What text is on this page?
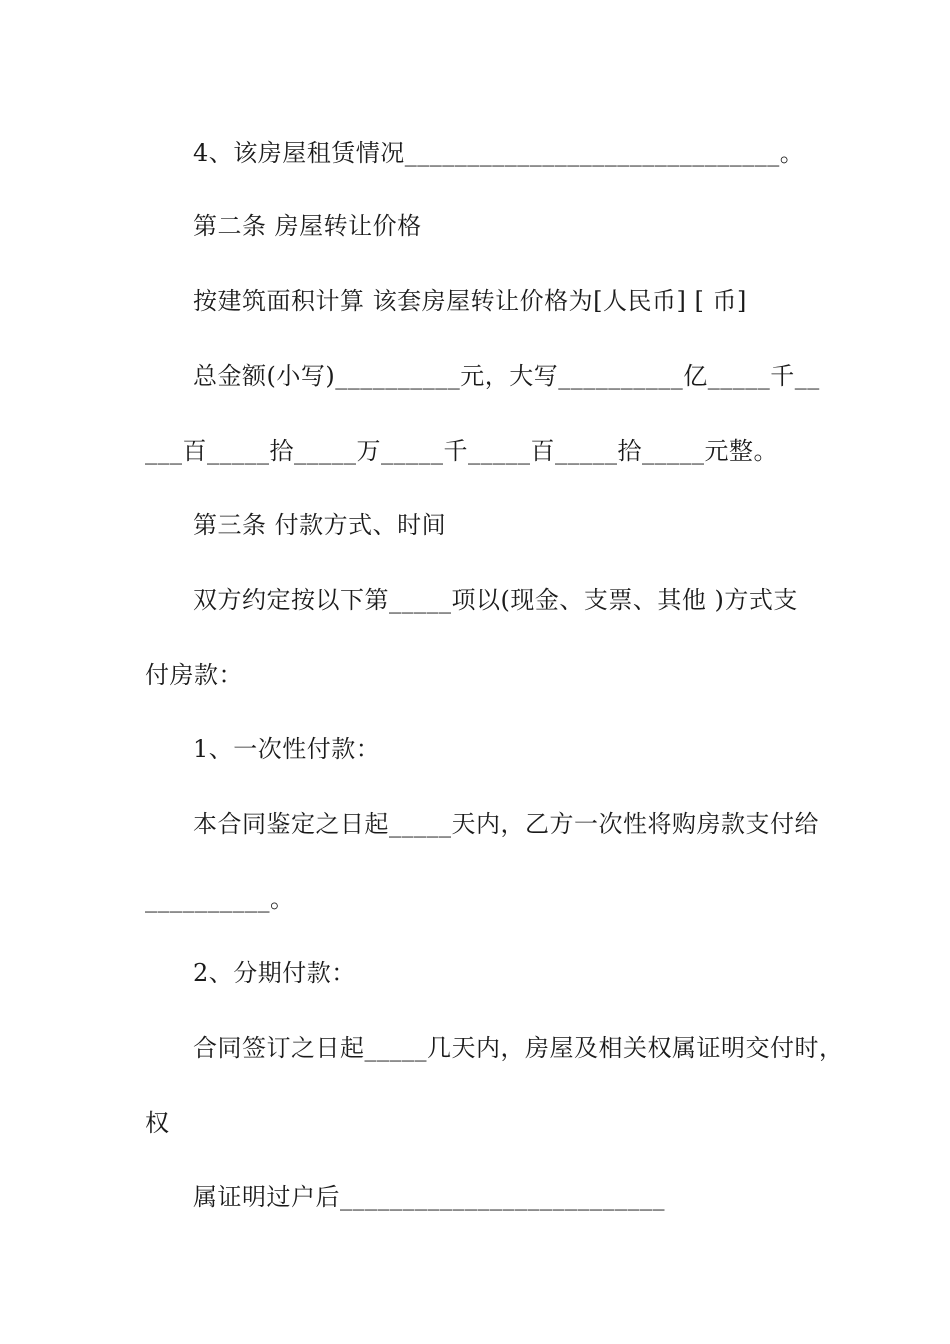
4、该房屋租赁情况______________________________。
第二条 房屋转让价格
按建筑面积计算 该套房屋转让价格为[人民币] [ 币]
总金额(小写)__________元，大写__________亿_____千__
___百_____拾_____万_____千_____百_____拾_____元整。
第三条 付款方式、时间
双方约定按以下第_____项以(现金、支票、其他 )方式支
付房款：
1、一次性付款：
本合同鉴定之日起_____天内，乙方一次性将购房款支付给
__________。
2、分期付款：
合同签订之日起_____几天内，房屋及相关权属证明交付时，
权
属证明过户后__________________________
